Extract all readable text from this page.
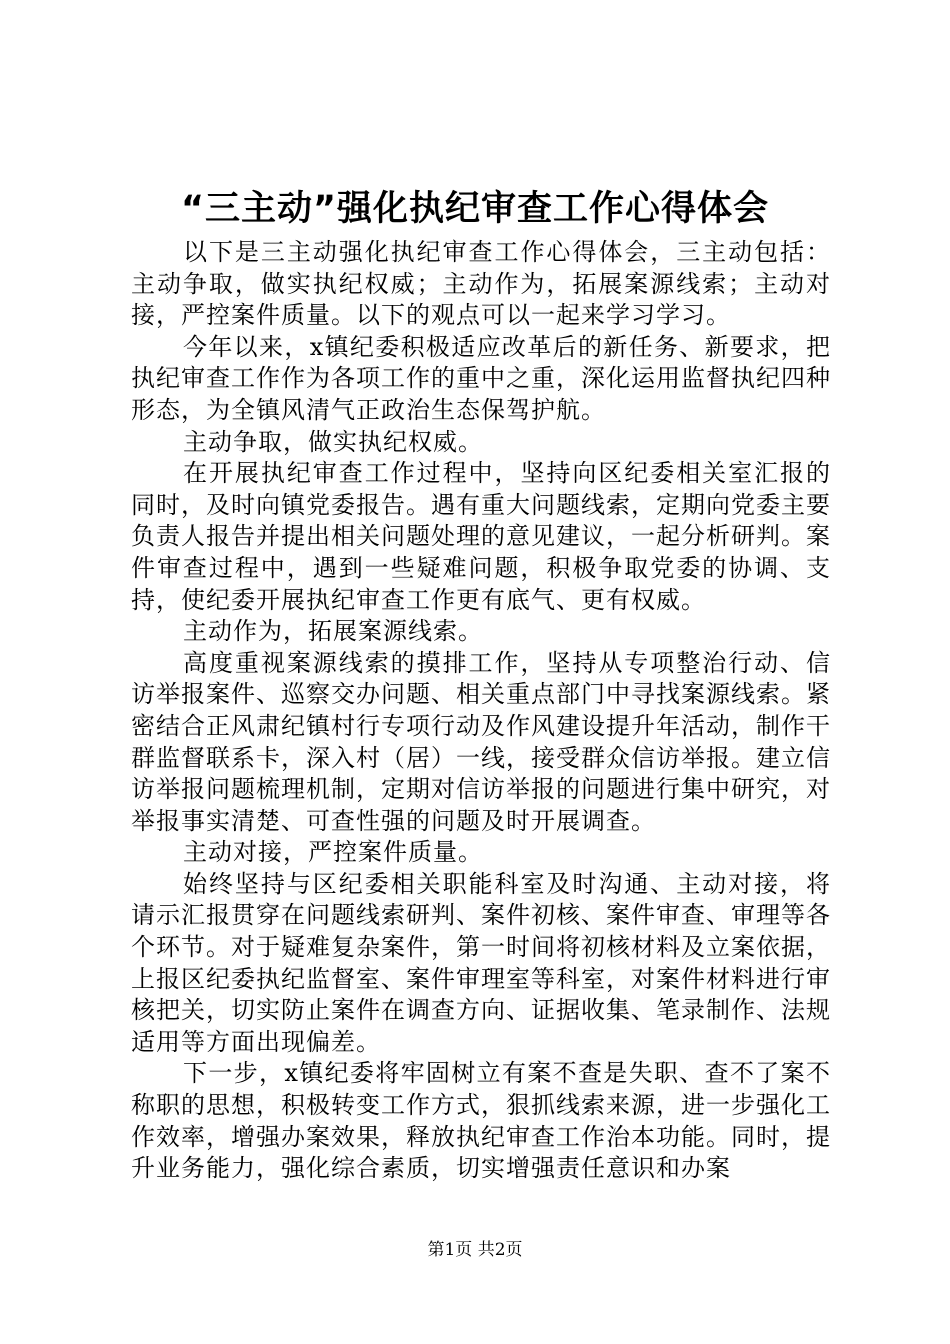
“三主动”强化执纪审查工作心得体会

以下是三主动强化执纪审查工作心得体会，三主动包括：主动争取，做实执纪权威；主动作为，拓展案源线索；主动对接，严控案件质量。以下的观点可以一起来学习学习。

今年以来，x镇纪委积极适应改革后的新任务、新要求，把执纪审查工作作为各项工作的重中之重，深化运用监督执纪四种形态，为全镇风清气正政治生态保驾护航。

主动争取，做实执纪权威。

在开展执纪审查工作过程中，坚持向区纪委相关室汇报的同时，及时向镇党委报告。遇有重大问题线索，定期向党委主要负责人报告并提出相关问题处理的意见建议，一起分析研判。案件审查过程中，遇到一些疑难问题，积极争取党委的协调、支持，使纪委开展执纪审查工作更有底气、更有权威。

主动作为，拓展案源线索。

高度重视案源线索的摸排工作，坚持从专项整治行动、信访举报案件、巡察交办问题、相关重点部门中寻找案源线索。紧密结合正风肃纪镇村行专项行动及作风建设提升年活动，制作干群监督联系卡，深入村（居）一线，接受群众信访举报。建立信访举报问题梳理机制，定期对信访举报的问题进行集中研究，对举报事实清楚、可查性强的问题及时开展调查。

主动对接，严控案件质量。

始终坚持与区纪委相关职能科室及时沟通、主动对接，将请示汇报贯穿在问题线索研判、案件初核、案件审查、审理等各个环节。对于疑难复杂案件，第一时间将初核材料及立案依据，上报区纪委执纪监督室、案件审理室等科室，对案件材料进行审核把关，切实防止案件在调查方向、证据收集、笔录制作、法规适用等方面出现偏差。

下一步，x镇纪委将牢固树立有案不查是失职、查不了案不称职的思想，积极转变工作方式，狠抓线索来源，进一步强化工作效率，增强办案效果，释放执纪审查工作治本功能。同时，提升业务能力，强化综合素质，切实增强责任意识和办案

第1页 共2页
